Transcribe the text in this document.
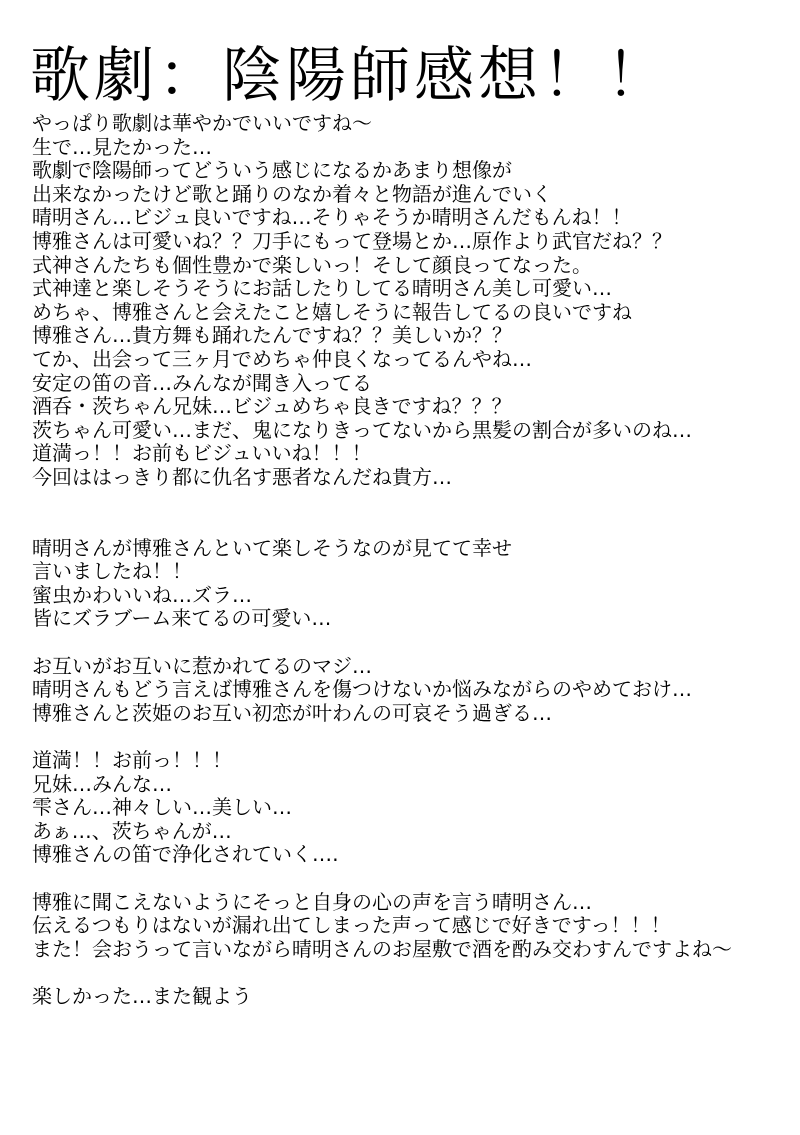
歌劇：陰陽師感想！！
やっぱり歌劇は華やかでいいですね〜
生で…見たかった…
歌劇で陰陽師ってどういう感じになるかあまり想像が
出来なかったけど歌と踊りのなか着々と物語が進んでいく
晴明さん…ビジュ良いですね…そりゃそうか晴明さんだもんね！！
博雅さんは可愛いね？？刀手にもって登場とか…原作より武官だね？？
式神さんたちも個性豊かで楽しいっ！そして顔良ってなった。
式神達と楽しそうそうにお話したりしてる晴明さん美し可愛い…
めちゃ、博雅さんと会えたこと嬉しそうに報告してるの良いですね
博雅さん…貴方舞も踊れたんですね？？美しいか？？
てか、出会って三ヶ月でめちゃ仲良くなってるんやね…
安定の笛の音…みんなが聞き入ってる
酒呑・茨ちゃん兄妹…ビジュめちゃ良きですね？？？
茨ちゃん可愛い…まだ、鬼になりきってないから黒髪の割合が多いのね…
道満っ！！お前もビジュいいね！！！
今回ははっきり都に仇名す悪者なんだね貴方…
晴明さんが博雅さんといて楽しそうなのが見てて幸せ
言いましたね！！
蜜虫かわいいね…ズラ…
皆にズラブーム来てるの可愛い…
お互いがお互いに惹かれてるのマジ…
晴明さんもどう言えば博雅さんを傷つけないか悩みながらのやめておけ…
博雅さんと茨姫のお互い初恋が叶わんの可哀そう過ぎる…
道満！！お前っ！！！
兄妹…みんな…
雫さん…神々しい…美しい…
あぁ…、茨ちゃんが…
博雅さんの笛で浄化されていく‥‥
博雅に聞こえないようにそっと自身の心の声を言う晴明さん…
伝えるつもりはないが漏れ出てしまった声って感じで好きですっ！！！
また！会おうって言いながら晴明さんのお屋敷で酒を酌み交わすんですよね〜
楽しかった…また観よう
